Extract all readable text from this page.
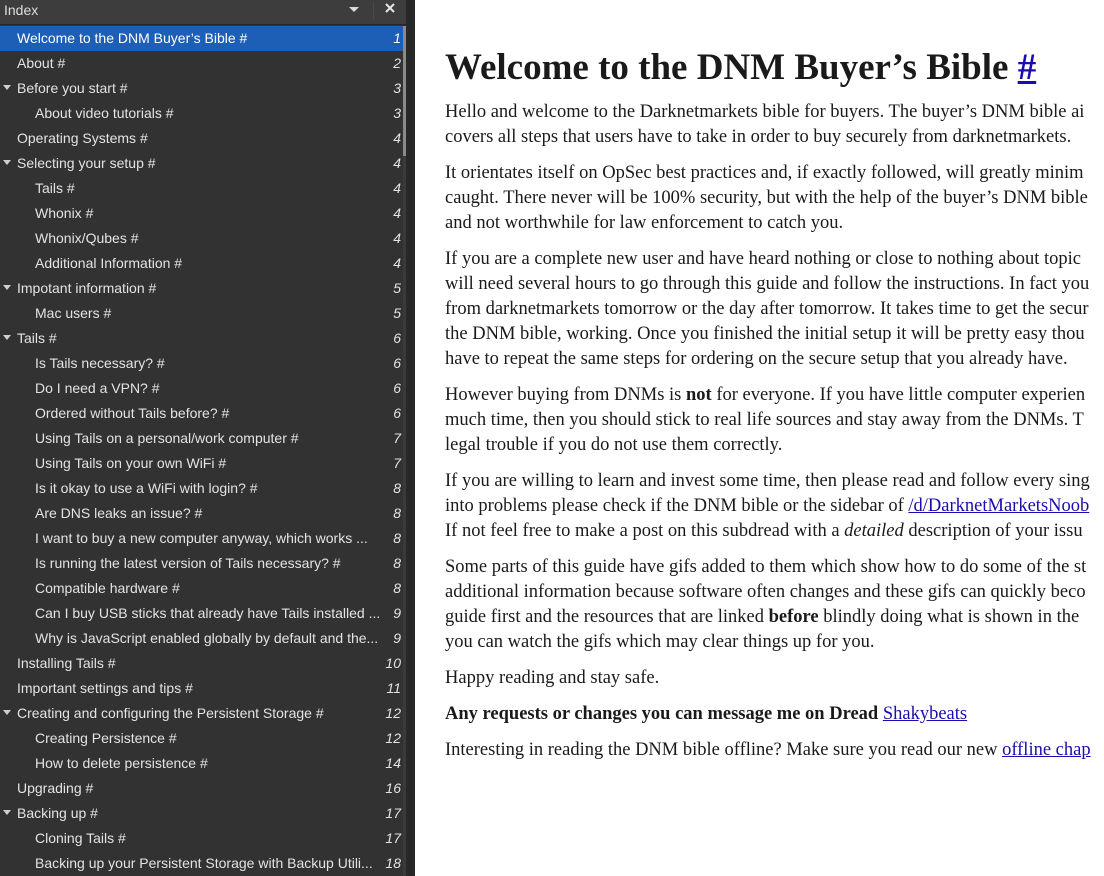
Index
Welcome to the DNM Buyer’s Bible #	1
About #	2
Before you start #	3
About video tutorials #	3
Operating Systems #	4
Selecting your setup #	4
Tails #	4
Whonix #	4
Whonix/Qubes #	4
Additional Information #	4
Impotant information #	5
Mac users #	5
Tails #	6
Is Tails necessary? #	6
Do I need a VPN? #	6
Ordered without Tails before? #	6
Using Tails on a personal/work computer #	7
Using Tails on your own WiFi #	7
Is it okay to use a WiFi with login? #	8
Are DNS leaks an issue? #	8
I want to buy a new computer anyway, which works ... 8
Is running the latest version of Tails necessary? #	8
Compatible hardware #	8
Can I buy USB sticks that already have Tails installed ... 9
Why is JavaScript enabled globally by default and the... 9
Installing Tails #	10
Important settings and tips #	11
Creating and configuring the Persistent Storage #	12
Creating Persistence #	12
How to delete persistence #	14
Upgrading #	16
Backing up #	17
Cloning Tails #	17
Backing up your Persistent Storage with Backup Utili... 18
Welcome to the DNM Buyer’s Bible #

Hello and welcome to the Darknetmarkets bible for buyers. The buyer’s DNM bible ai
covers all steps that users have to take in order to buy securely from darknetmarkets.

It orientates itself on OpSec best practices and, if exactly followed, will greatly minim
caught. There never will be 100% security, but with the help of the buyer’s DNM bible
and not worthwhile for law enforcement to catch you.

If you are a complete new user and have heard nothing or close to nothing about topic
will need several hours to go through this guide and follow the instructions. In fact you
from darknetmarkets tomorrow or the day after tomorrow. It takes time to get the secur
the DNM bible, working. Once you finished the initial setup it will be pretty easy thou
have to repeat the same steps for ordering on the secure setup that you already have.

However buying from DNMs is not for everyone. If you have little computer experien
much time, then you should stick to real life sources and stay away from the DNMs. T
legal trouble if you do not use them correctly.

If you are willing to learn and invest some time, then please read and follow every sing
into problems please check if the DNM bible or the sidebar of /d/DarknetMarketsNoob
If not feel free to make a post on this subdread with a detailed description of your issu

Some parts of this guide have gifs added to them which show how to do some of the st
additional information because software often changes and these gifs can quickly beco
guide first and the resources that are linked before blindly doing what is shown in the
you can watch the gifs which may clear things up for you.

Happy reading and stay safe.

Any requests or changes you can message me on Dread Shakybeats

Interesting in reading the DNM bible offline? Make sure you read our new offline chap
